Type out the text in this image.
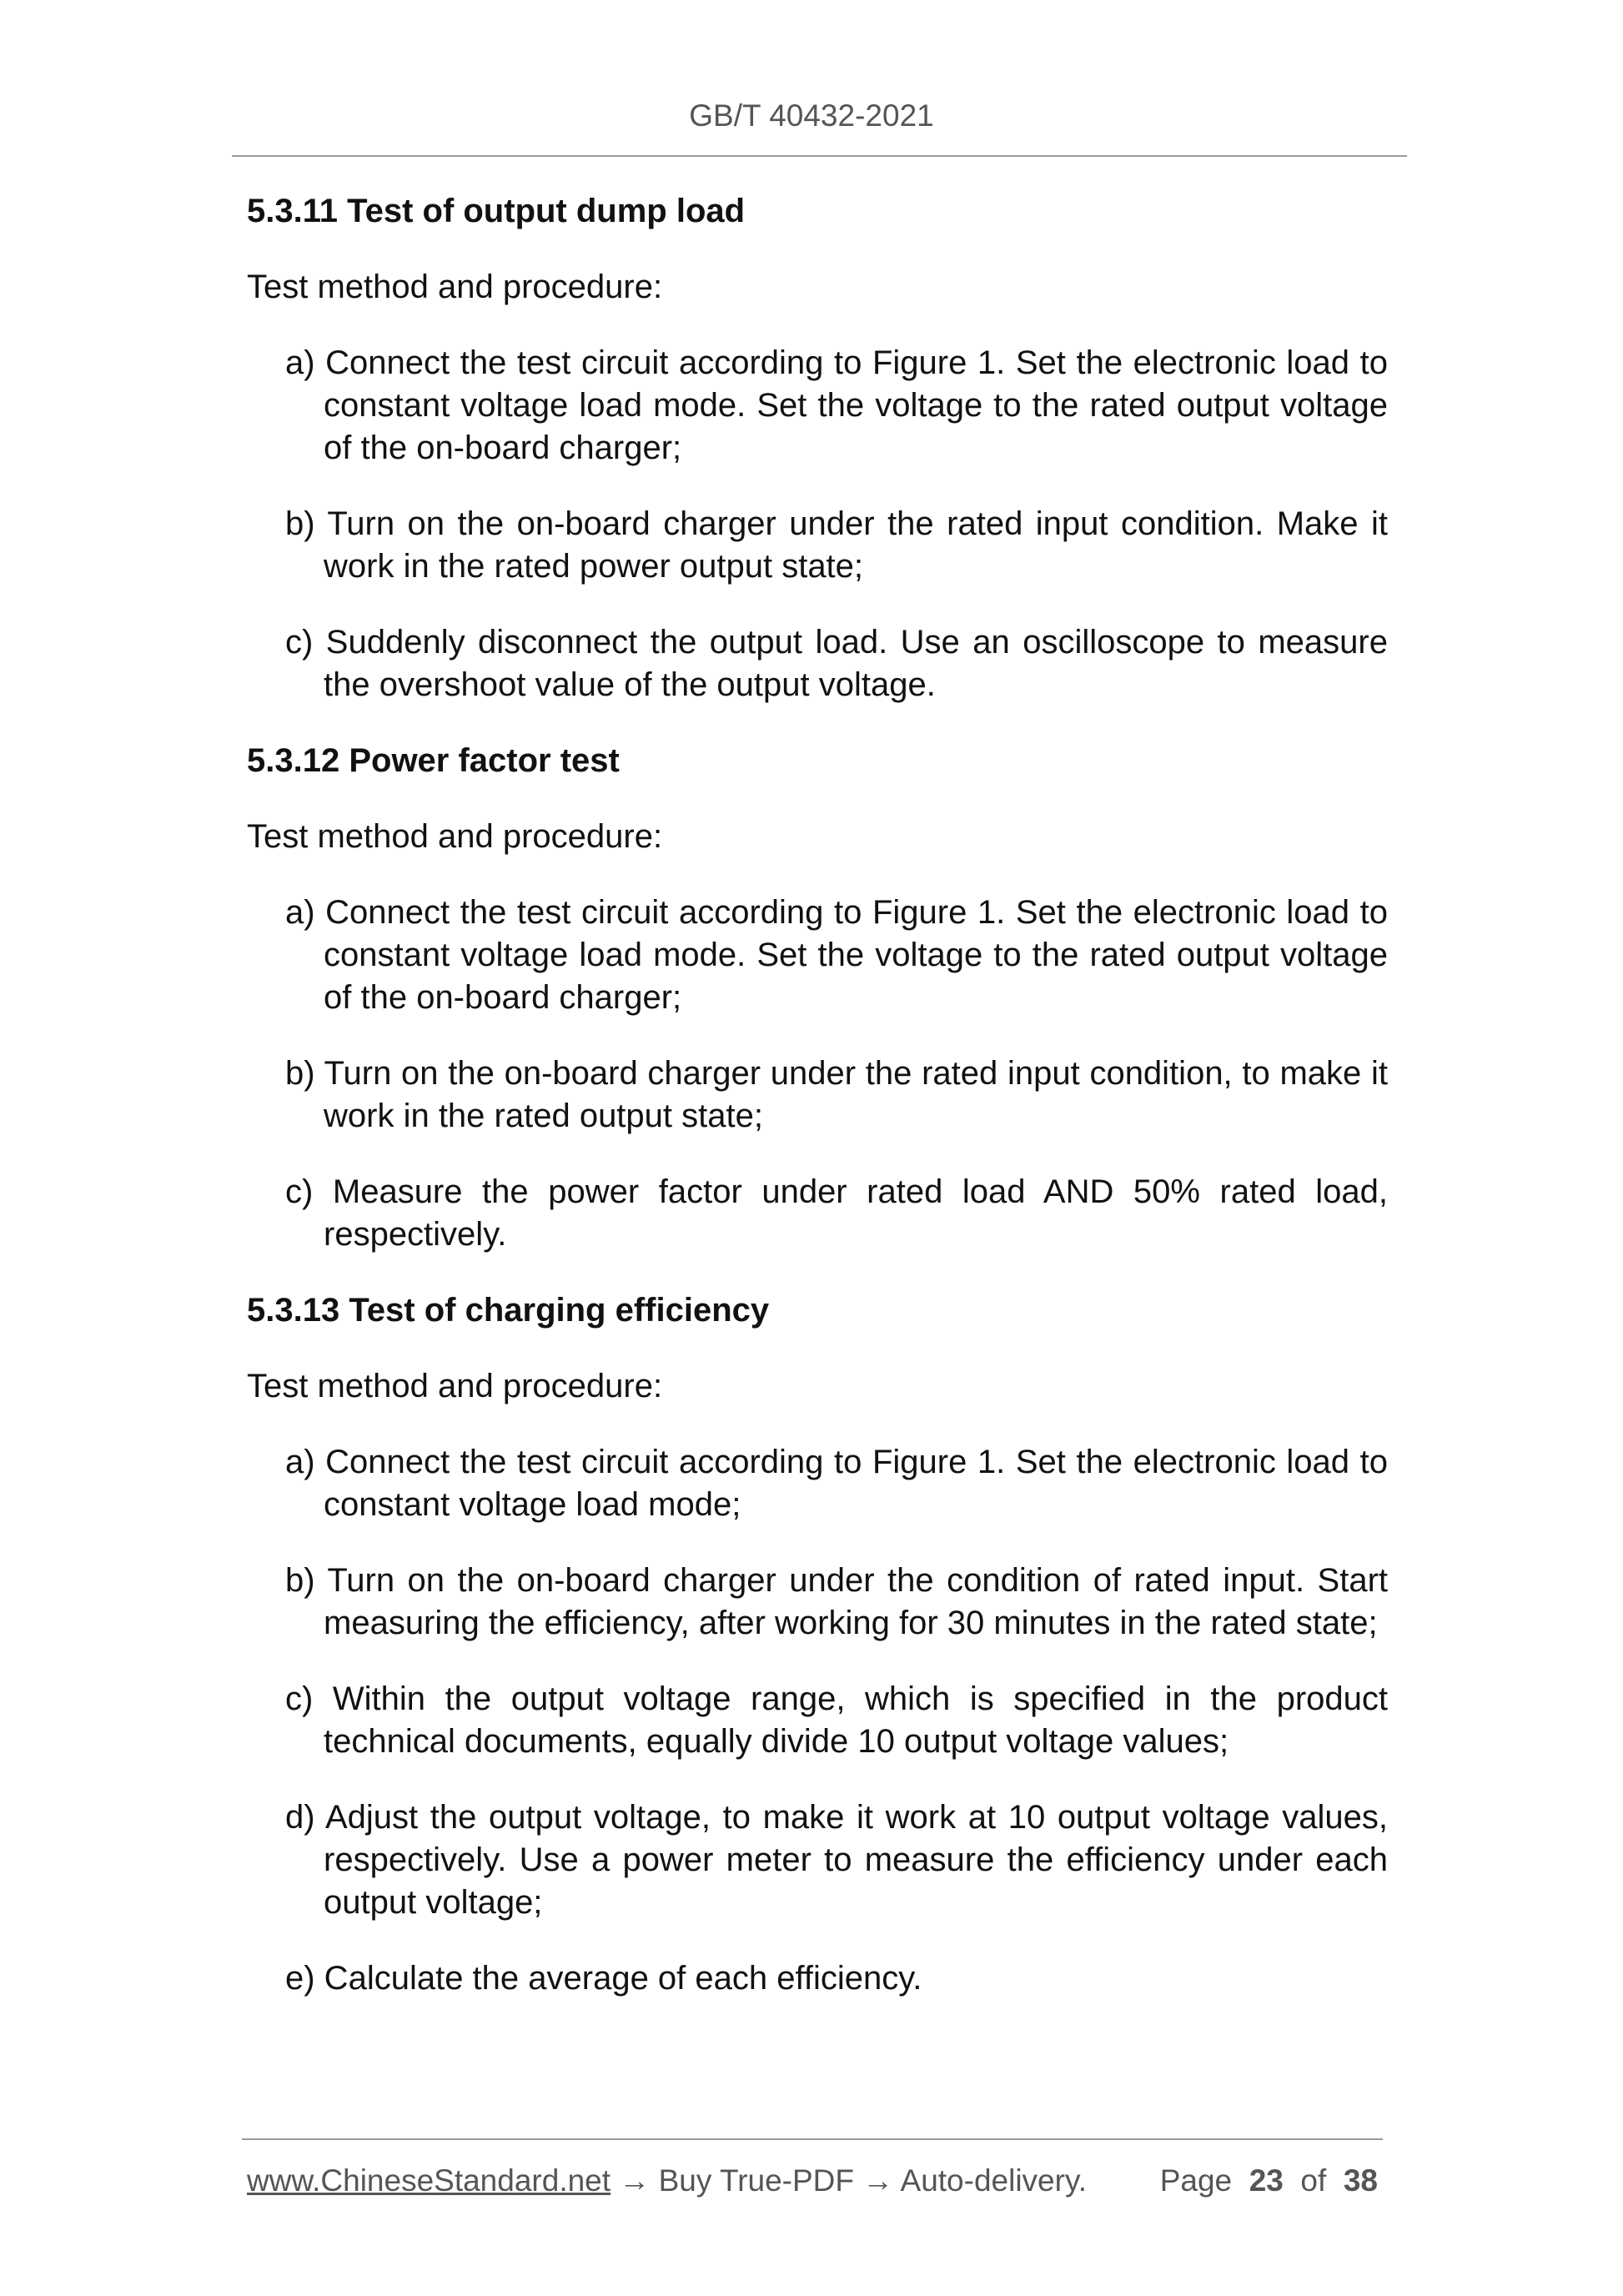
GB/T 40432-2021
5.3.11 Test of output dump load
Test method and procedure:
a) Connect the test circuit according to Figure 1. Set the electronic load to constant voltage load mode. Set the voltage to the rated output voltage of the on-board charger;
b) Turn on the on-board charger under the rated input condition. Make it work in the rated power output state;
c) Suddenly disconnect the output load. Use an oscilloscope to measure the overshoot value of the output voltage.
5.3.12 Power factor test
Test method and procedure:
a) Connect the test circuit according to Figure 1. Set the electronic load to constant voltage load mode. Set the voltage to the rated output voltage of the on-board charger;
b) Turn on the on-board charger under the rated input condition, to make it work in the rated output state;
c) Measure the power factor under rated load AND 50% rated load, respectively.
5.3.13 Test of charging efficiency
Test method and procedure:
a) Connect the test circuit according to Figure 1. Set the electronic load to constant voltage load mode;
b) Turn on the on-board charger under the condition of rated input. Start measuring the efficiency, after working for 30 minutes in the rated state;
c) Within the output voltage range, which is specified in the product technical documents, equally divide 10 output voltage values;
d) Adjust the output voltage, to make it work at 10 output voltage values, respectively. Use a power meter to measure the efficiency under each output voltage;
e) Calculate the average of each efficiency.
www.ChineseStandard.net → Buy True-PDF → Auto-delivery. Page 23 of 38
